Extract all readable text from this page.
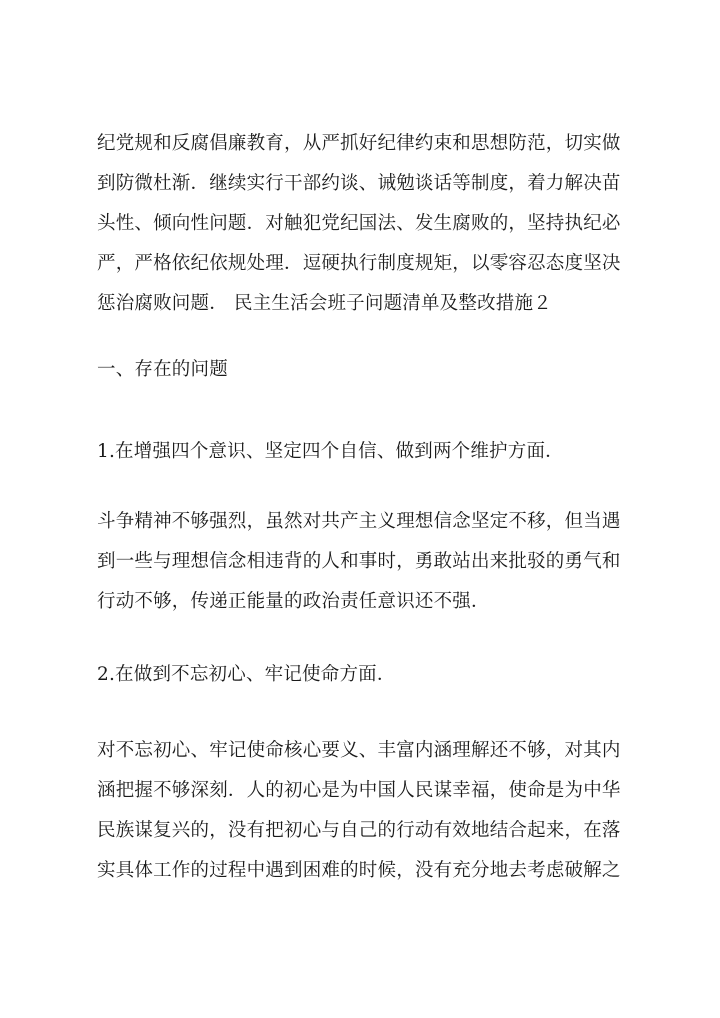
纪党规和反腐倡廉教育，从严抓好纪律约束和思想防范，切实做
到防微杜渐．继续实行干部约谈、诫勉谈话等制度，着力解决苗
头性、倾向性问题．对触犯党纪国法、发生腐败的，坚持执纪必
严，严格依纪依规处理．逗硬执行制度规矩，以零容忍态度坚决
惩治腐败问题． 民主生活会班子问题清单及整改措施２
一、存在的问题
1.在增强四个意识、坚定四个自信、做到两个维护方面．
斗争精神不够强烈，虽然对共产主义理想信念坚定不移，但当遇
到一些与理想信念相违背的人和事时，勇敢站出来批驳的勇气和
行动不够，传递正能量的政治责任意识还不强．
2.在做到不忘初心、牢记使命方面．
对不忘初心、牢记使命核心要义、丰富内涵理解还不够，对其内
涵把握不够深刻．人的初心是为中国人民谋幸福，使命是为中华
民族谋复兴的，没有把初心与自己的行动有效地结合起来，在落
实具体工作的过程中遇到困难的时候，没有充分地去考虑破解之
